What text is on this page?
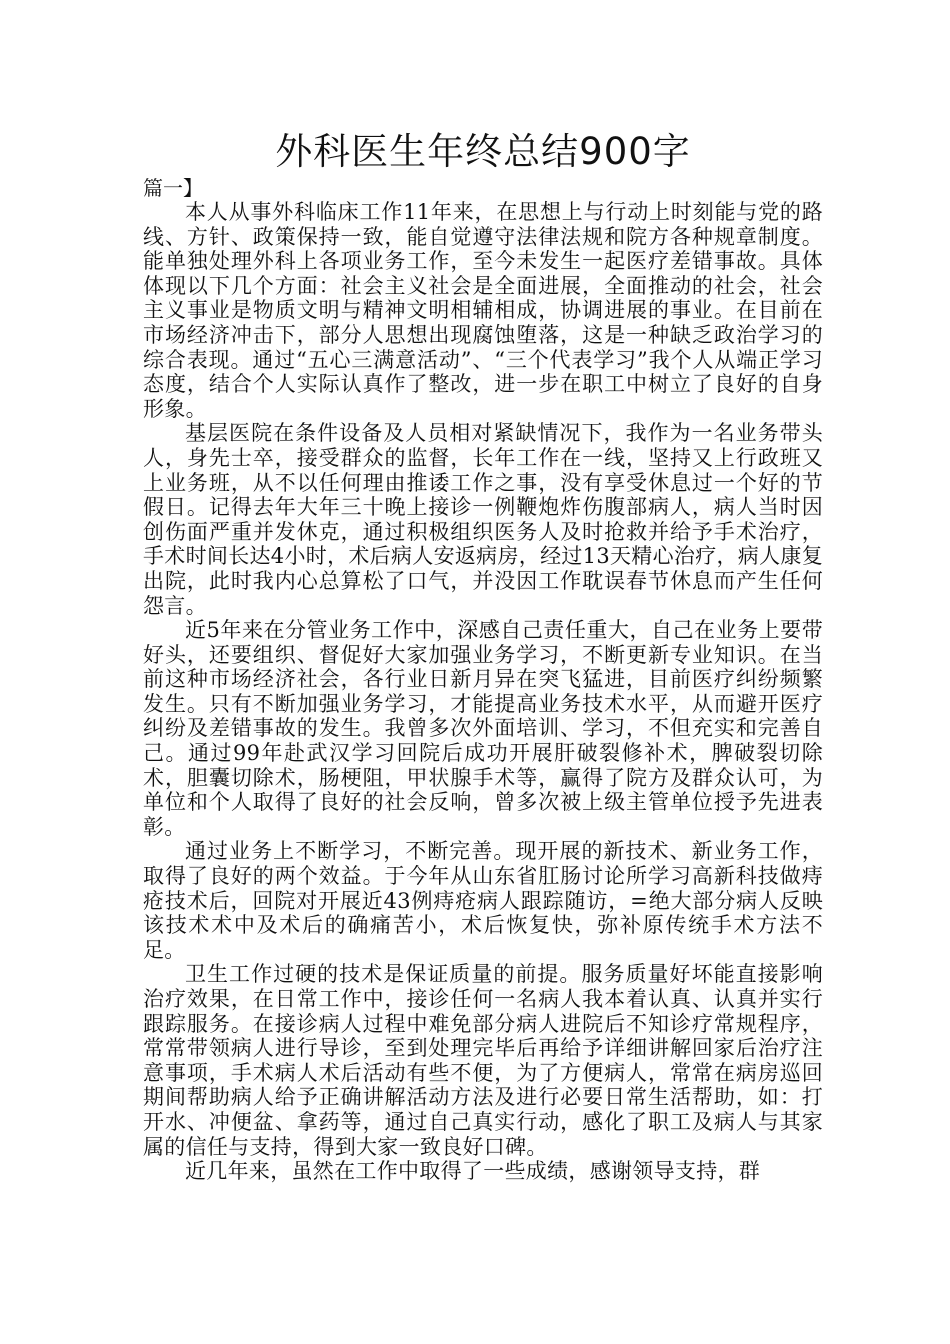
外科医生年终总结900字

篇一】

本人从事外科临床工作11年来，在思想上与行动上时刻能与党的路线、方针、政策保持一致，能自觉遵守法律法规和院方各种规章制度。能单独处理外科上各项业务工作，至今未发生一起医疗差错事故。具体体现以下几个方面：社会主义社会是全面进展，全面推动的社会，社会主义事业是物质文明与精神文明相辅相成，协调进展的事业。在目前在市场经济冲击下，部分人思想出现腐蚀堕落，这是一种缺乏政治学习的综合表现。通过“五心三满意活动”、“三个代表学习”我个人从端正学习态度，结合个人实际认真作了整改，进一步在职工中树立了良好的自身形象。

基层医院在条件设备及人员相对紧缺情况下，我作为一名业务带头人，身先士卒，接受群众的监督，长年工作在一线，坚持又上行政班又上业务班，从不以任何理由推诿工作之事，没有享受休息过一个好的节假日。记得去年大年三十晚上接诊一例鞭炮炸伤腹部病人，病人当时因创伤面严重并发休克，通过积极组织医务人及时抢救并给予手术治疗，手术时间长达4小时，术后病人安返病房，经过13天精心治疗，病人康复出院，此时我内心总算松了口气，并没因工作耽误春节休息而产生任何怨言。

近5年来在分管业务工作中，深感自己责任重大，自己在业务上要带好头，还要组织、督促好大家加强业务学习，不断更新专业知识。在当前这种市场经济社会，各行业日新月异在突飞猛进，目前医疗纠纷频繁发生。只有不断加强业务学习，才能提高业务技术水平，从而避开医疗纠纷及差错事故的发生。我曾多次外面培训、学习，不但充实和完善自己。通过99年赴武汉学习回院后成功开展肝破裂修补术，脾破裂切除术，胆囊切除术，肠梗阻，甲状腺手术等，赢得了院方及群众认可，为单位和个人取得了良好的社会反响，曾多次被上级主管单位授予先进表彰。

通过业务上不断学习，不断完善。现开展的新技术、新业务工作，取得了良好的两个效益。于今年从山东省肛肠讨论所学习高新科技做痔疮技术后，回院对开展近43例痔疮病人跟踪随访，=绝大部分病人反映该技术术中及术后的确痛苦小，术后恢复快，弥补原传统手术方法不足。

卫生工作过硬的技术是保证质量的前提。服务质量好坏能直接影响治疗效果，在日常工作中，接诊任何一名病人我本着认真、认真并实行跟踪服务。在接诊病人过程中难免部分病人进院后不知诊疗常规程序，常常带领病人进行导诊，至到处理完毕后再给予详细讲解回家后治疗注意事项，手术病人术后活动有些不便，为了方便病人，常常在病房巡回期间帮助病人给予正确讲解活动方法及进行必要日常生活帮助，如：打开水、冲便盆、拿药等，通过自己真实行动，感化了职工及病人与其家属的信任与支持，得到大家一致良好口碑。

近几年来，虽然在工作中取得了一些成绩，感谢领导支持，群
